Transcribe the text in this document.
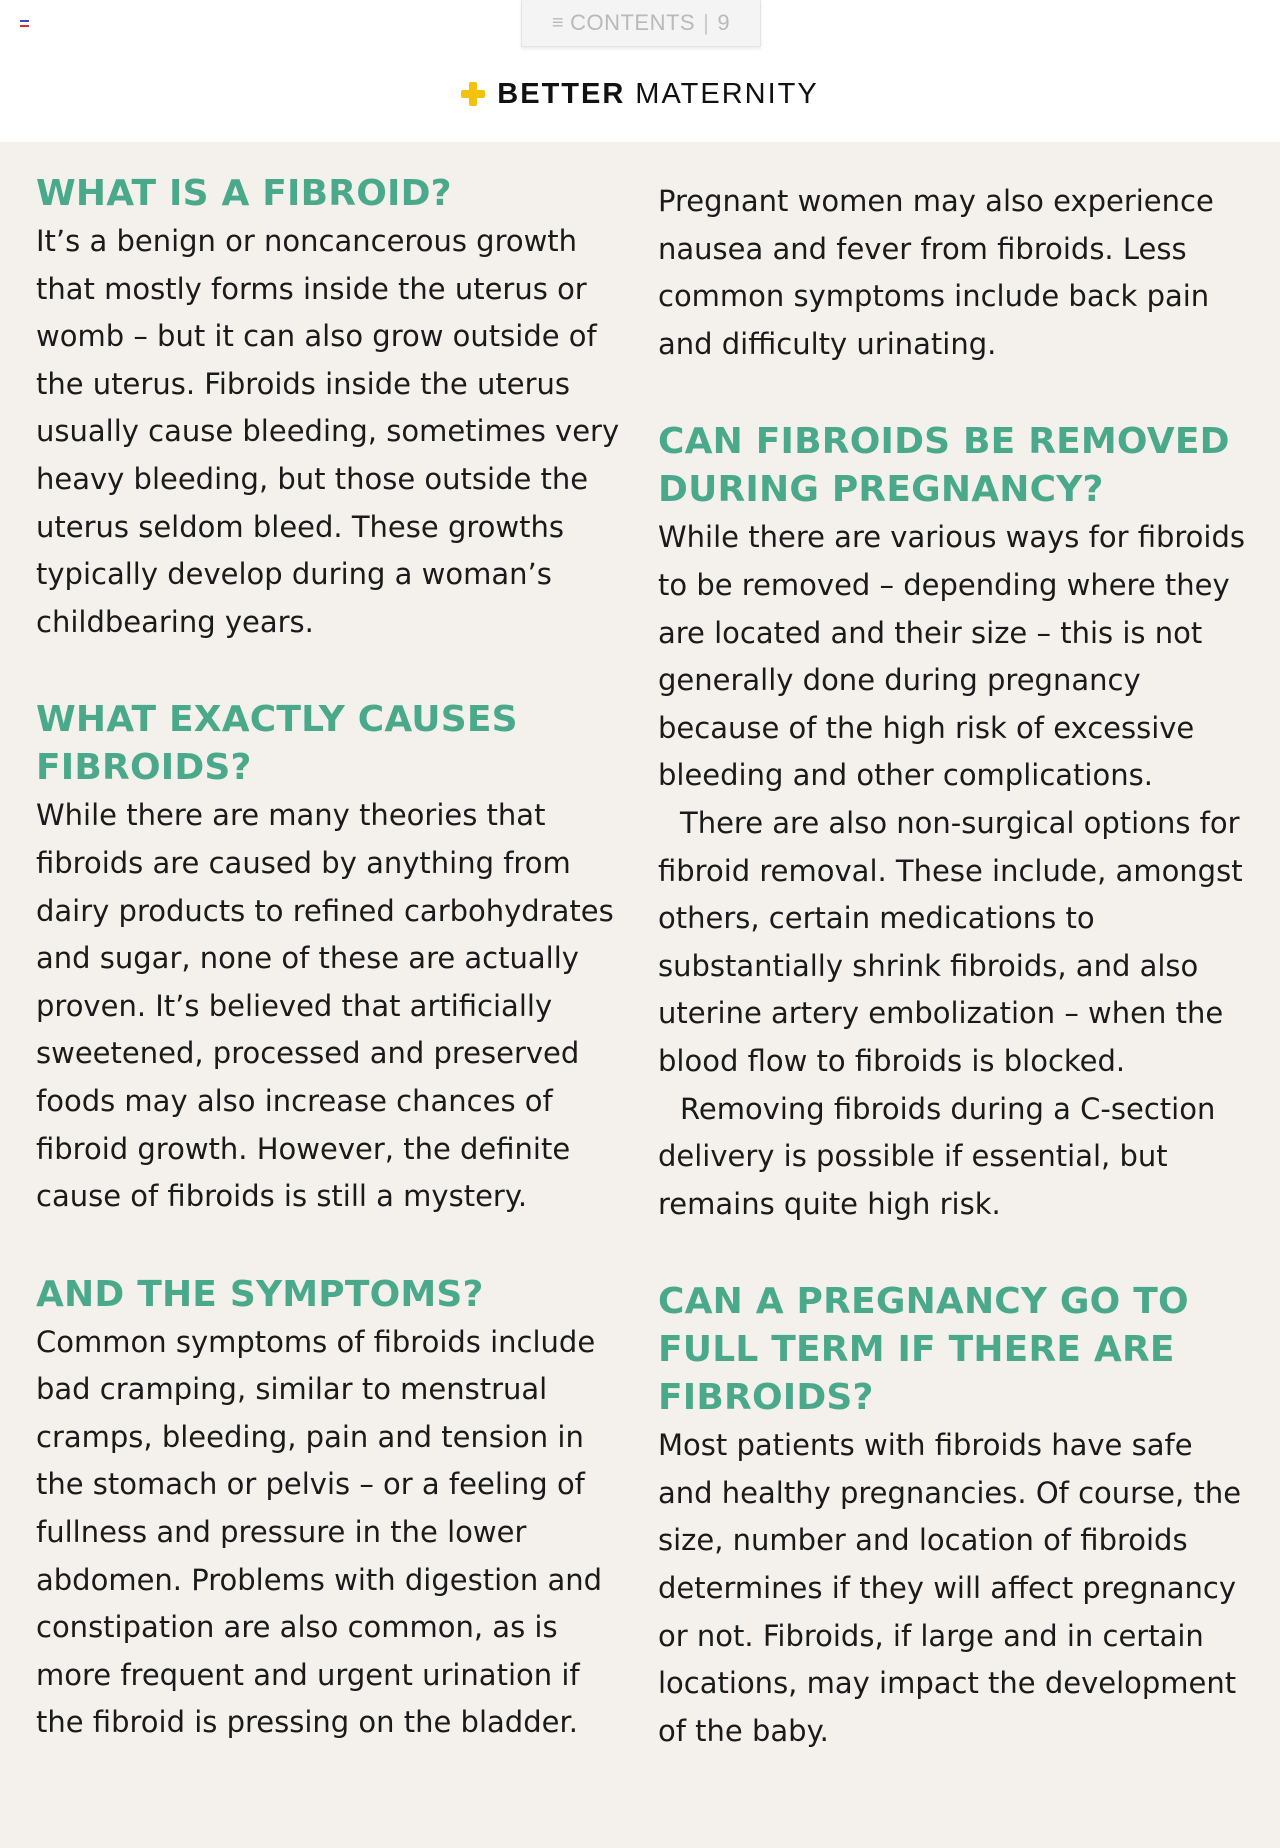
≡ CONTENTS | 9
BETTER MATERNITY
WHAT IS A FIBROID?

It’s a benign or noncancerous growth that mostly forms inside the uterus or womb – but it can also grow outside of the uterus. Fibroids inside the uterus usually cause bleeding, sometimes very heavy bleeding, but those outside the uterus seldom bleed. These growths typically develop during a woman’s childbearing years.

WHAT EXACTLY CAUSES FIBROIDS?

While there are many theories that fibroids are caused by anything from dairy products to refined carbohydrates and sugar, none of these are actually proven. It’s believed that artificially sweetened, processed and preserved foods may also increase chances of fibroid growth. However, the definite cause of fibroids is still a mystery.

AND THE SYMPTOMS?

Common symptoms of fibroids include bad cramping, similar to menstrual cramps, bleeding, pain and tension in the stomach or pelvis – or a feeling of fullness and pressure in the lower abdomen. Problems with digestion and constipation are also common, as is more frequent and urgent urination if the fibroid is pressing on the bladder.

Pregnant women may also experience nausea and fever from fibroids. Less common symptoms include back pain and difficulty urinating.

CAN FIBROIDS BE REMOVED DURING PREGNANCY?

While there are various ways for fibroids to be removed – depending where they are located and their size – this is not generally done during pregnancy because of the high risk of excessive bleeding and other complications.

There are also non-surgical options for fibroid removal. These include, amongst others, certain medications to substantially shrink fibroids, and also uterine artery embolization – when the blood flow to fibroids is blocked.

Removing fibroids during a C-section delivery is possible if essential, but remains quite high risk.

CAN A PREGNANCY GO TO FULL TERM IF THERE ARE FIBROIDS?

Most patients with fibroids have safe and healthy pregnancies. Of course, the size, number and location of fibroids determines if they will affect pregnancy or not. Fibroids, if large and in certain locations, may impact the development of the baby.
